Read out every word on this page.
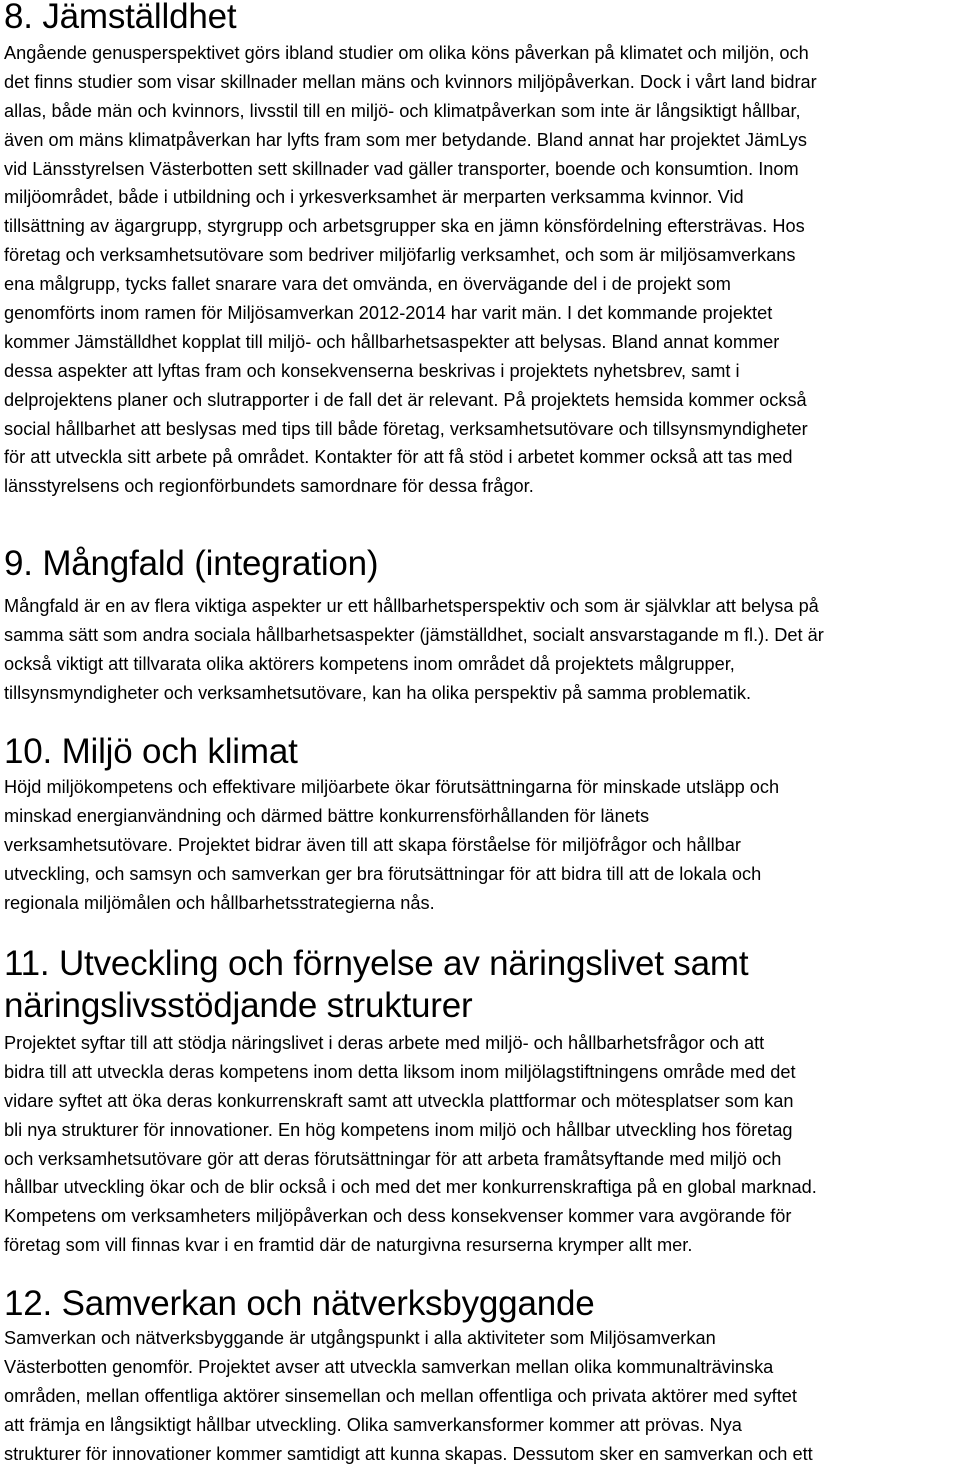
8. Jämställdhet
Angående genusperspektivet görs ibland studier om olika köns påverkan på klimatet och miljön, och
det finns studier som visar skillnader mellan mäns och kvinnors miljöpåverkan. Dock i vårt land bidrar
allas, både män och kvinnors, livsstil till en miljö- och klimatpåverkan som inte är långsiktigt hållbar,
även om mäns klimatpåverkan har lyfts fram som mer betydande. Bland annat har projektet JämLys
vid Länsstyrelsen Västerbotten sett skillnader vad gäller transporter, boende och konsumtion. Inom
miljöområdet, både i utbildning och i yrkesverksamhet är merparten verksamma kvinnor. Vid
tillsättning av ägargrupp, styrgrupp och arbetsgrupper ska en jämn könsfördelning eftersträvas. Hos
företag och verksamhetsutövare som bedriver miljöfarlig verksamhet, och som är miljösamverkans
ena målgrupp, tycks fallet snarare vara det omvända, en övervägande del i de projekt som
genomförts inom ramen för Miljösamverkan 2012-2014 har varit män. I det kommande projektet
kommer Jämställdhet kopplat till miljö- och hållbarhetsaspekter att belysas. Bland annat kommer
dessa aspekter att lyftas fram och konsekvenserna beskrivas i projektets nyhetsbrev, samt i
delprojektens planer och slutrapporter i de fall det är relevant. På projektets hemsida kommer också
social hållbarhet att beslysas med tips till både företag, verksamhetsutövare och tillsynsmyndigheter
för att utveckla sitt arbete på området. Kontakter för att få stöd i arbetet kommer också att tas med
länsstyrelsens och regionförbundets samordnare för dessa frågor.
9. Mångfald (integration)
Mångfald är en av flera viktiga aspekter ur ett hållbarhetsperspektiv och som är självklar att belysa på
samma sätt som andra sociala hållbarhetsaspekter (jämställdhet, socialt ansvarstagande m fl.). Det är
också viktigt att tillvarata olika aktörers kompetens inom området då projektets målgrupper,
tillsynsmyndigheter och verksamhetsutövare, kan ha olika perspektiv på samma problematik.
10. Miljö och klimat
Höjd miljökompetens och effektivare miljöarbete ökar förutsättningarna för minskade utsläpp och
minskad energianvändning och därmed bättre konkurrensförhållanden för länets
verksamhetsutövare. Projektet bidrar även till att skapa förståelse för miljöfrågor och hållbar
utveckling, och samsyn och samverkan ger bra förutsättningar för att bidra till att de lokala och
regionala miljömålen och hållbarhetsstrategierna nås.
11. Utveckling och förnyelse av näringslivet samt
näringslivsstödjande strukturer
Projektet syftar till att stödja näringslivet i deras arbete med miljö- och hållbarhetsfrågor och att
bidra till att utveckla deras kompetens inom detta liksom inom miljölagstiftningens område med det
vidare syftet att öka deras konkurrenskraft samt att utveckla plattformar och mötesplatser som kan
bli nya strukturer för innovationer. En hög kompetens inom miljö och hållbar utveckling hos företag
och verksamhetsutövare gör att deras förutsättningar för att arbeta framåtsyftande med miljö och
hållbar utveckling ökar och de blir också i och med det mer konkurrenskraftiga på en global marknad.
Kompetens om verksamheters miljöpåverkan och dess konsekvenser kommer vara avgörande för
företag som vill finnas kvar i en framtid där de naturgivna resurserna krymper allt mer.
12. Samverkan och nätverksbyggande
Samverkan och nätverksbyggande är utgångspunkt i alla aktiviteter som Miljösamverkan
Västerbotten genomför. Projektet avser att utveckla samverkan mellan olika kommunalträvinska
områden, mellan offentliga aktörer sinsemellan och mellan offentliga och privata aktörer med syftet
att främja en långsiktigt hållbar utveckling. Olika samverkansformer kommer att prövas. Nya
strukturer för innovationer kommer samtidigt att kunna skapas. Dessutom sker en samverkan och ett
